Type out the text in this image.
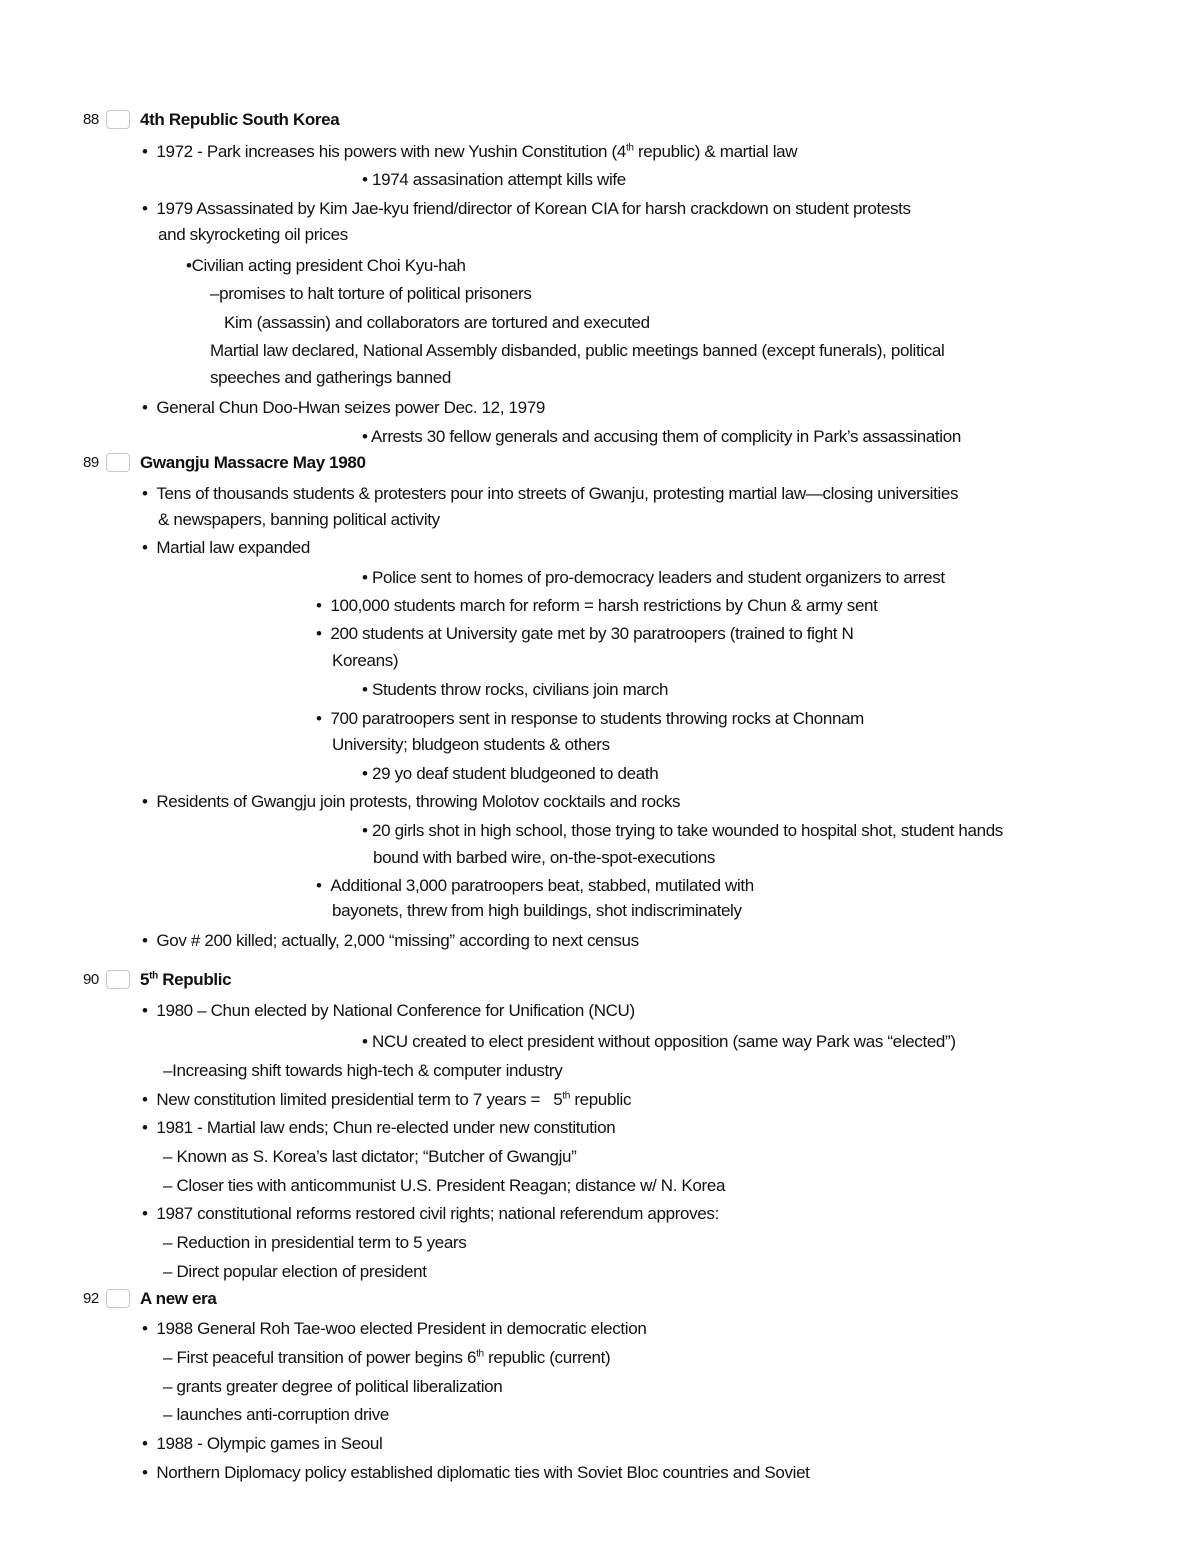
88 4th Republic South Korea
• 1972 - Park increases his powers with new Yushin Constitution (4th republic) & martial law
• 1974 assasination attempt kills wife
• 1979 Assassinated by Kim Jae-kyu friend/director of Korean CIA for harsh crackdown on student protests
and skyrocketing oil prices
•Civilian acting president Choi Kyu-hah
–promises to halt torture of political prisoners
Kim (assassin) and collaborators are tortured and executed
Martial law declared, National Assembly disbanded, public meetings banned (except funerals), political
speeches and gatherings banned
• General Chun Doo-Hwan seizes power Dec. 12, 1979
• Arrests 30 fellow generals and accusing them of complicity in Park’s assassination
89 Gwangju Massacre May 1980
• Tens of thousands students & protesters pour into streets of Gwanju, protesting martial law—closing universities
& newspapers, banning political activity
• Martial law expanded
• Police sent to homes of pro-democracy leaders and student organizers to arrest
• 100,000 students march for reform = harsh restrictions by Chun & army sent
• 200 students at University gate met by 30 paratroopers (trained to fight N
Koreans)
• Students throw rocks, civilians join march
• 700 paratroopers sent in response to students throwing rocks at Chonnam
University; bludgeon students & others
• 29 yo deaf student bludgeoned to death
• Residents of Gwangju join protests, throwing Molotov cocktails and rocks
• 20 girls shot in high school, those trying to take wounded to hospital shot, student hands
bound with barbed wire, on-the-spot-executions
• Additional 3,000 paratroopers beat, stabbed, mutilated with
bayonets, threw from high buildings, shot indiscriminately
• Gov # 200 killed; actually, 2,000 “missing” according to next census
90 5th Republic
• 1980 – Chun elected by National Conference for Unification (NCU)
• NCU created to elect president without opposition (same way Park was “elected”)
–Increasing shift towards high-tech & computer industry
• New constitution limited presidential term to 7 years = 5th republic
• 1981 - Martial law ends; Chun re-elected under new constitution
– Known as S. Korea’s last dictator; “Butcher of Gwangju”
– Closer ties with anticommunist U.S. President Reagan; distance w/ N. Korea
• 1987 constitutional reforms restored civil rights; national referendum approves:
– Reduction in presidential term to 5 years
– Direct popular election of president
92 A new era
• 1988 General Roh Tae-woo elected President in democratic election
– First peaceful transition of power begins 6th republic (current)
– grants greater degree of political liberalization
– launches anti-corruption drive
• 1988 - Olympic games in Seoul
• Northern Diplomacy policy established diplomatic ties with Soviet Bloc countries and Soviet
